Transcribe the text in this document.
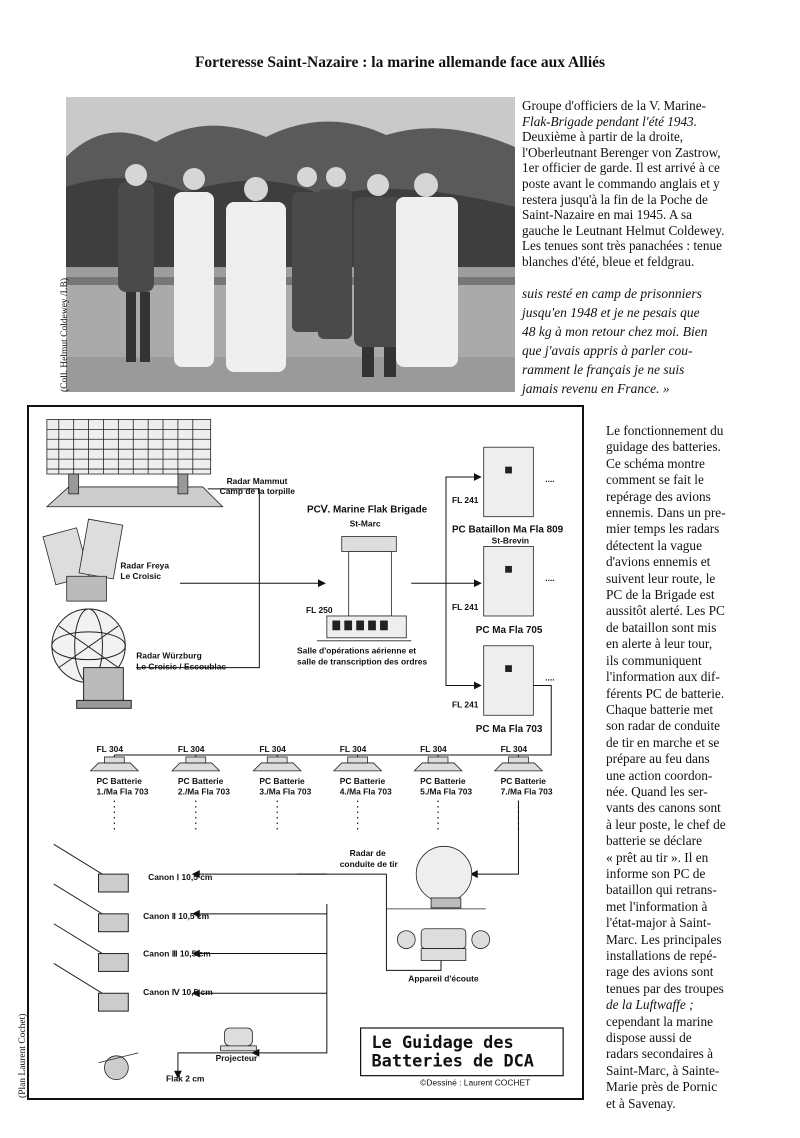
Forteresse Saint-Nazaire : la marine allemande face aux Alliés
(Coll. Helmut Coldewey /LB)

Groupe d'officiers de la V. Marine-

Flak-Brigade pendant l'été 1943.

Deuxième à partir de la droite,

l'Oberleutnant Berenger von Zastrow,

1er officier de garde. Il est arrivé à ce

poste avant le commando anglais et y

restera jusqu'à la fin de la Poche de

Saint-Nazaire en mai 1945. A sa

gauche le Leutnant Helmut Coldewey.

Les tenues sont très panachées : tenue

blanches d'été, bleue et feldgrau.

suis resté en camp de prisonniers
jusqu'en 1948 et je ne pesais que
48 kg à mon retour chez moi. Bien
que j'avais appris à parler cou-
ramment le français je ne suis
jamais revenu en France. »
Radar Mammut
Camp de la torpille
Radar Freya
Le Croisic
Radar Würzburg
Le Croisic / Escoublac
PCⅤ. Marine Flak Brigade
St-Marc
FL 250
Salle d'opérations aérienne et
salle de transcription des ordres
FL 241
PC Bataillon Ma Fla 809
St-Brevin
FL 241
PC Ma Fla 705
FL 241
PC Ma Fla 703
....
....
....
FL 304
PC Batterie
1./Ma Fla 703
FL 304
PC Batterie
2./Ma Fla 703
FL 304
PC Batterie
3./Ma Fla 703
FL 304
PC Batterie
4./Ma Fla 703
FL 304
PC Batterie
5./Ma Fla 703
FL 304
PC Batterie
7./Ma Fla 703
Canon Ⅰ 10,5 cm
Canon Ⅱ 10,5 cm
Canon Ⅲ 10,5 cm
Canon Ⅳ 10,5 cm
Radar de
conduite de tir
Appareil d'écoute
Projecteur
Flak 2 cm
Le Guidage des
Batteries de DCA
©Dessiné : Laurent COCHET
(Plan Laurent Cochet)
Le fonctionnement du
guidage des batteries.
Ce schéma montre
comment se fait le
repérage des avions
ennemis. Dans un pre-
mier temps les radars
détectent la vague
d'avions ennemis et
suivent leur route, le
PC de la Brigade est
aussitôt alerté. Les PC
de bataillon sont mis
en alerte à leur tour,
ils communiquent
l'information aux dif-
férents PC de batterie.
Chaque batterie met
son radar de conduite
de tir en marche et se
prépare au feu dans
une action coordon-
née. Quand les ser-
vants des canons sont
à leur poste, le chef de
batterie se déclare
« prêt au tir ». Il en
informe son PC de
bataillon qui retrans-
met l'information à
l'état-major à Saint-
Marc. Les principales
installations de repé-
rage des avions sont
tenues par des troupes
de la Luftwaffe ;
cependant la marine
dispose aussi de
radars secondaires à
Saint-Marc, à Sainte-
Marie près de Pornic
et à Savenay.
